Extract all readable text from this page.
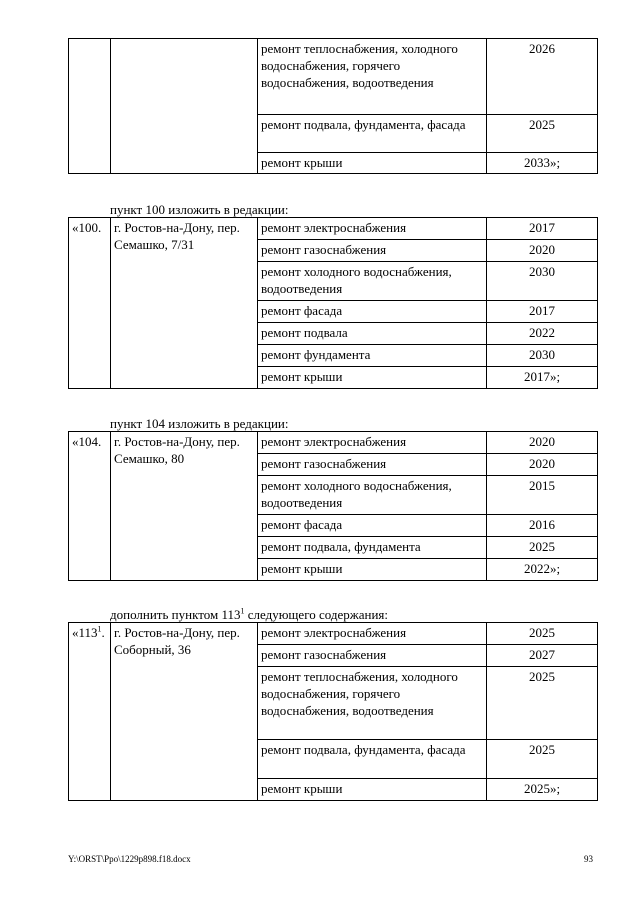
		ремонт теплоснабжения, холодного водоснабжения, горячего водоснабжения, водоотведения	2026
		ремонт подвала, фундамента, фасада	2025
		ремонт крыши	2033»;
пункт 100 изложить в редакции:
«100.	г. Ростов-на-Дону, пер. Семашко, 7/31	ремонт электроснабжения	2017
		ремонт газоснабжения	2020
		ремонт холодного водоснабжения, водоотведения	2030
		ремонт фасада	2017
		ремонт подвала	2022
		ремонт фундамента	2030
		ремонт крыши	2017»;
пункт 104 изложить в редакции:
«104.	г. Ростов-на-Дону, пер. Семашко, 80	ремонт электроснабжения	2020
		ремонт газоснабжения	2020
		ремонт холодного водоснабжения, водоотведения	2015
		ремонт фасада	2016
		ремонт подвала, фундамента	2025
		ремонт крыши	2022»;
дополнить пунктом $113^1$ следующего содержания:
«$113^1$.	г. Ростов-на-Дону, пер. Соборный, 36	ремонт электроснабжения	2025
		ремонт газоснабжения	2027
		ремонт теплоснабжения, холодного водоснабжения, горячего водоснабжения, водоотведения	2025
		ремонт подвала, фундамента, фасада	2025
		ремонт крыши	2025»;
Y:\ORST\Ppo\1229p898.f18.docx	93
